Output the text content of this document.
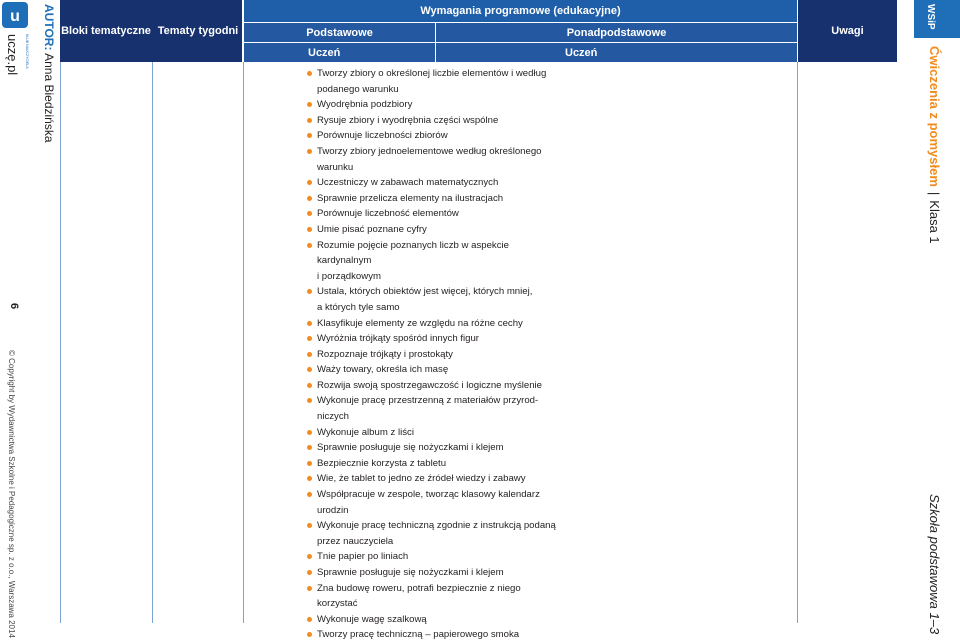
u
uczę.pl KLUB NAUCZYCIELA
AUTOR: Anna Biedzińska
6
© Copyright by Wydawnictwa Szkolne i Pedagogiczne sp. z o.o., Warszawa 2014
Bloki tematyczne Tematy tygodni
Wymagania programowe (edukacyjne)
Podstawowe	Ponadpodstawowe
Uczeń	Uczeń
Uwagi
Tworzy zbiory o określonej liczbie elementów i według
podanego warunku
Wyodrębnia podzbiory
Rysuje zbiory i wyodrębnia części wspólne
Porównuje liczebności zbiorów
Tworzy zbiory jednoelementowe według określonego
warunku
Uczestniczy w zabawach matematycznych
Sprawnie przelicza elementy na ilustracjach
Porównuje liczebność elementów
Umie pisać poznane cyfry
Rozumie pojęcie poznanych liczb w aspekcie kardynalnym
i porządkowym
Ustala, których obiektów jest więcej, których mniej,
a których tyle samo
Klasyfikuje elementy ze względu na różne cechy
Wyróżnia trójkąty spośród innych figur
Rozpoznaje trójkąty i prostokąty
Waży towary, określa ich masę
Rozwija swoją spostrzegawczość i logiczne myślenie
Wykonuje pracę przestrzenną z materiałów przyrod-
niczych
Wykonuje album z liści
Sprawnie posługuje się nożyczkami i klejem
Bezpiecznie korzysta z tabletu
Wie, że tablet to jedno ze źródeł wiedzy i zabawy
Współpracuje w zespole, tworząc klasowy kalendarz
urodzin
Wykonuje pracę techniczną zgodnie z instrukcją podaną
przez nauczyciela
Tnie papier po liniach
Sprawnie posługuje się nożyczkami i klejem
Zna budowę roweru, potrafi bezpiecznie z niego korzystać
Wykonuje wagę szalkową
Tworzy pracę techniczną – papierowego smoka
WSiP
Ćwiczenia z pomysłem|Klasa 1
Szkoła podstawowa 1–3
